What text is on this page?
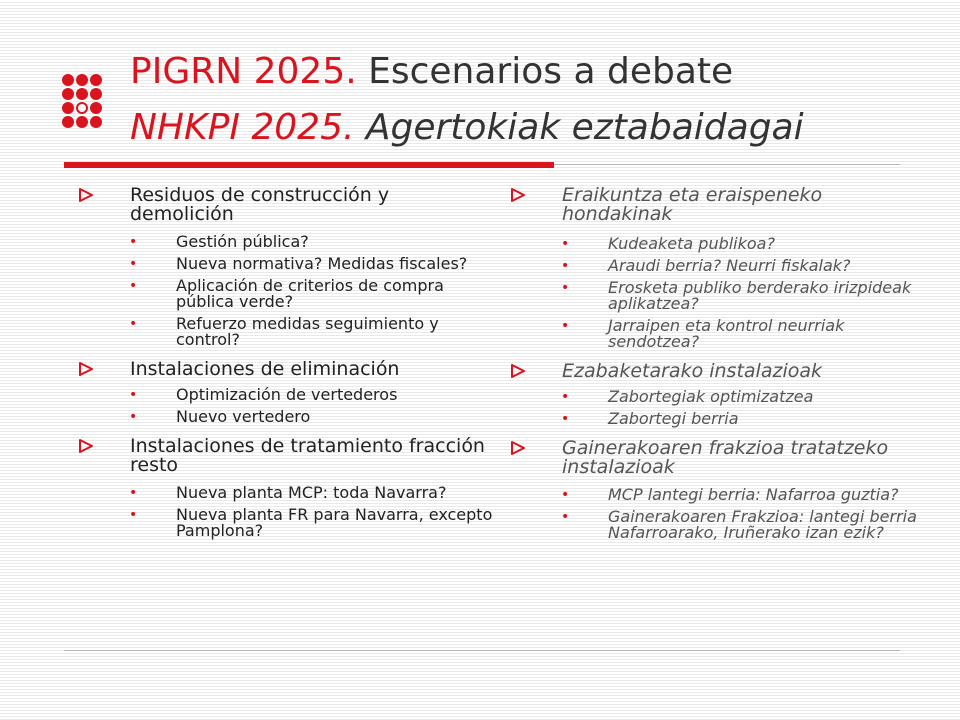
PIGRN 2025. Escenarios a debate
NHKPI 2025. Agertokiak eztabaidagai

Residuos de construcción y demolición

• Gestión pública?
• Nueva normativa? Medidas fiscales?
• Aplicación de criterios de compra pública verde?
• Refuerzo medidas seguimiento y control?

Instalaciones de eliminación

• Optimización de vertederos
• Nuevo vertedero

Instalaciones de tratamiento fracción resto

• Nueva planta MCP: toda Navarra?
• Nueva planta FR para Navarra, excepto Pamplona?

Eraikuntza eta eraispeneko hondakinak

• Kudeaketa publikoa?
• Araudi berria? Neurri fiskalak?
• Erosketa publiko berderako irizpideak aplikatzea?
• Jarraipen eta kontrol neurriak sendotzea?

Ezabaketarako instalazioak

• Zabortegiak optimizatzea
• Zabortegi berria

Gainerakoaren frakzioa tratatzeko instalazioak

• MCP lantegi berria: Nafarroa guztia?
• Gainerakoaren Frakzioa: lantegi berria Nafarroarako, Iruñerako izan ezik?
